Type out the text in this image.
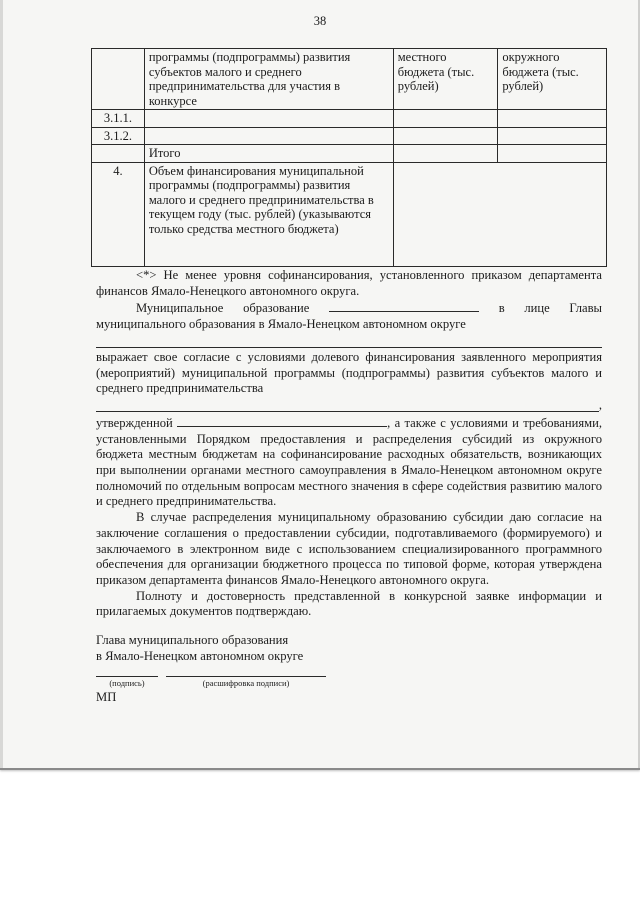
38
	программы (подпрограммы) развития субъектов малого и среднего предпринимательства для участия в конкурсе	местного бюджета (тыс. рублей)	окружного бюджета (тыс. рублей)
3.1.1.			
3.1.2.			
	Итого		
4.	Объем финансирования муниципальной программы (подпрограммы) развития малого и среднего предпринимательства в текущем году (тыс. рублей) (указываются только средства местного бюджета)		

<*> Не менее уровня софинансирования, установленного приказом департамента финансов Ямало-Ненецкого автономного округа.

Муниципальное образование	в лице Главы муниципального образования в Ямало-Ненецком автономном округе

выражает свое согласие с условиями долевого финансирования заявленного мероприятия (мероприятий) муниципальной программы (подпрограммы) развития субъектов малого и среднего предпринимательства

,

утвержденной	, а также с условиями и требованиями, установленными Порядком предоставления и распределения субсидий из окружного бюджета местным бюджетам на софинансирование расходных обязательств, возникающих при выполнении органами местного самоуправления в Ямало-Ненецком автономном округе полномочий по отдельным вопросам местного значения в сфере содействия развитию малого и среднего предпринимательства.

В случае распределения муниципальному образованию субсидии даю согласие на заключение соглашения о предоставлении субсидии, подготавливаемого (формируемого) и заключаемого в электронном виде с использованием специализированного программного обеспечения для организации бюджетного процесса по типовой форме, которая утверждена приказом департамента финансов Ямало-Ненецкого автономного округа.

Полноту и достоверность представленной в конкурсной заявке информации и прилагаемых документов подтверждаю.

Глава муниципального образования
в Ямало-Ненецком автономном округе
(подпись)	(расшифровка подписи)
МП
